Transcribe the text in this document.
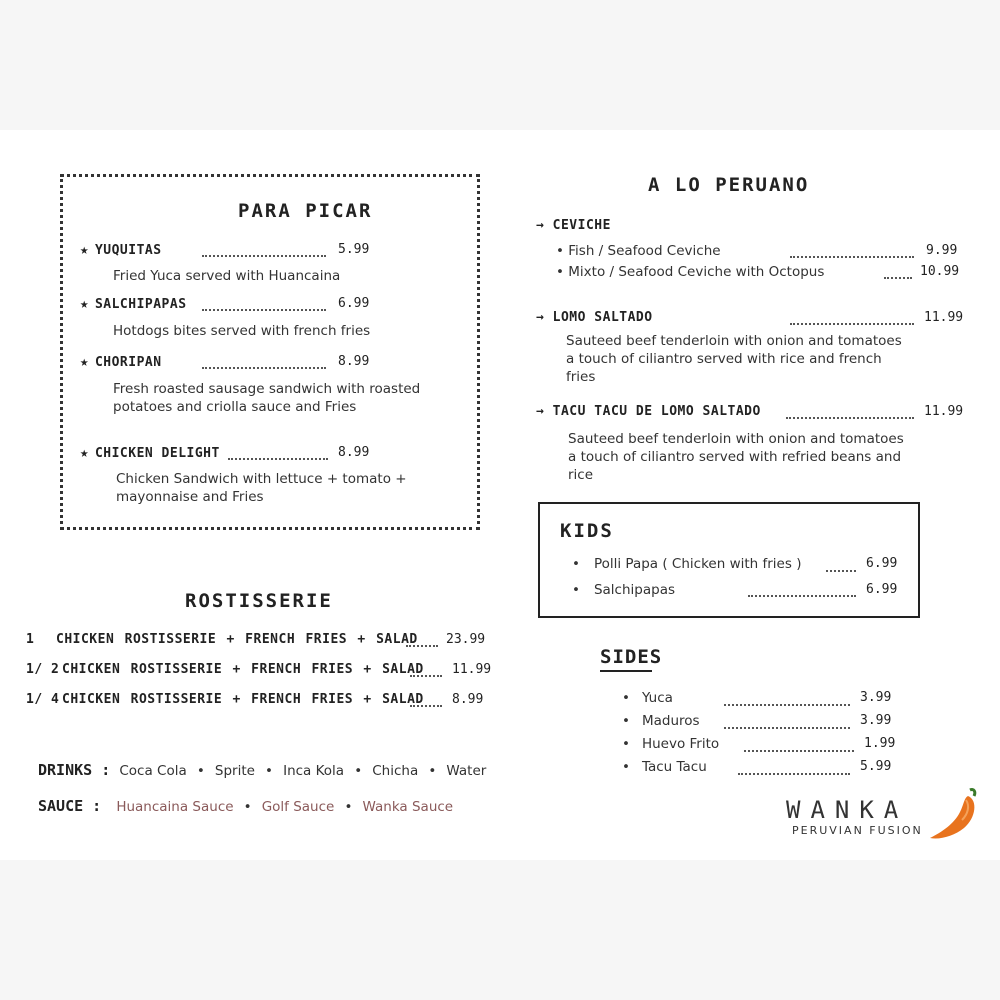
PARA PICAR
★ YUQUITAS	5.99
Fried Yuca served with Huancaina
★ SALCHIPAPAS	6.99
Hotdogs bites served with french fries
★ CHORIPAN	8.99
Fresh roasted sausage sandwich with roasted potatoes and criolla sauce and Fries
★ CHICKEN DELIGHT	8.99
Chicken Sandwich with lettuce + tomato + mayonnaise and Fries
ROSTISSERIE
1 CHICKEN ROSTISSERIE + FRENCH FRIES + SALAD 23.99
1/ 2 CHICKEN ROSTISSERIE + FRENCH FRIES + SALAD 11.99
1/ 4 CHICKEN ROSTISSERIE + FRENCH FRIES + SALAD 8.99
DRINKS : Coca Cola • Sprite • Inca Kola • Chicha • Water
SAUCE : Huancaina Sauce • Golf Sauce • Wanka Sauce
A LO PERUANO
→ CEVICHE
• Fish / Seafood Ceviche	9.99
• Mixto / Seafood Ceviche with Octopus	10.99
→ LOMO SALTADO	11.99
Sauteed beef tenderloin with onion and tomatoes a touch of ciliantro served with rice and french fries
→ TACU TACU DE LOMO SALTADO	11.99
Sauteed beef tenderloin with onion and tomatoes a touch of ciliantro served with refried beans and rice
KIDS
• Polli Papa ( Chicken with fries )	6.99
• Salchipapas	6.99
SIDES
• Yuca	3.99
• Maduros	3.99
• Huevo Frito	1.99
• Tacu Tacu	5.99
WANKA
PERUVIAN FUSION
